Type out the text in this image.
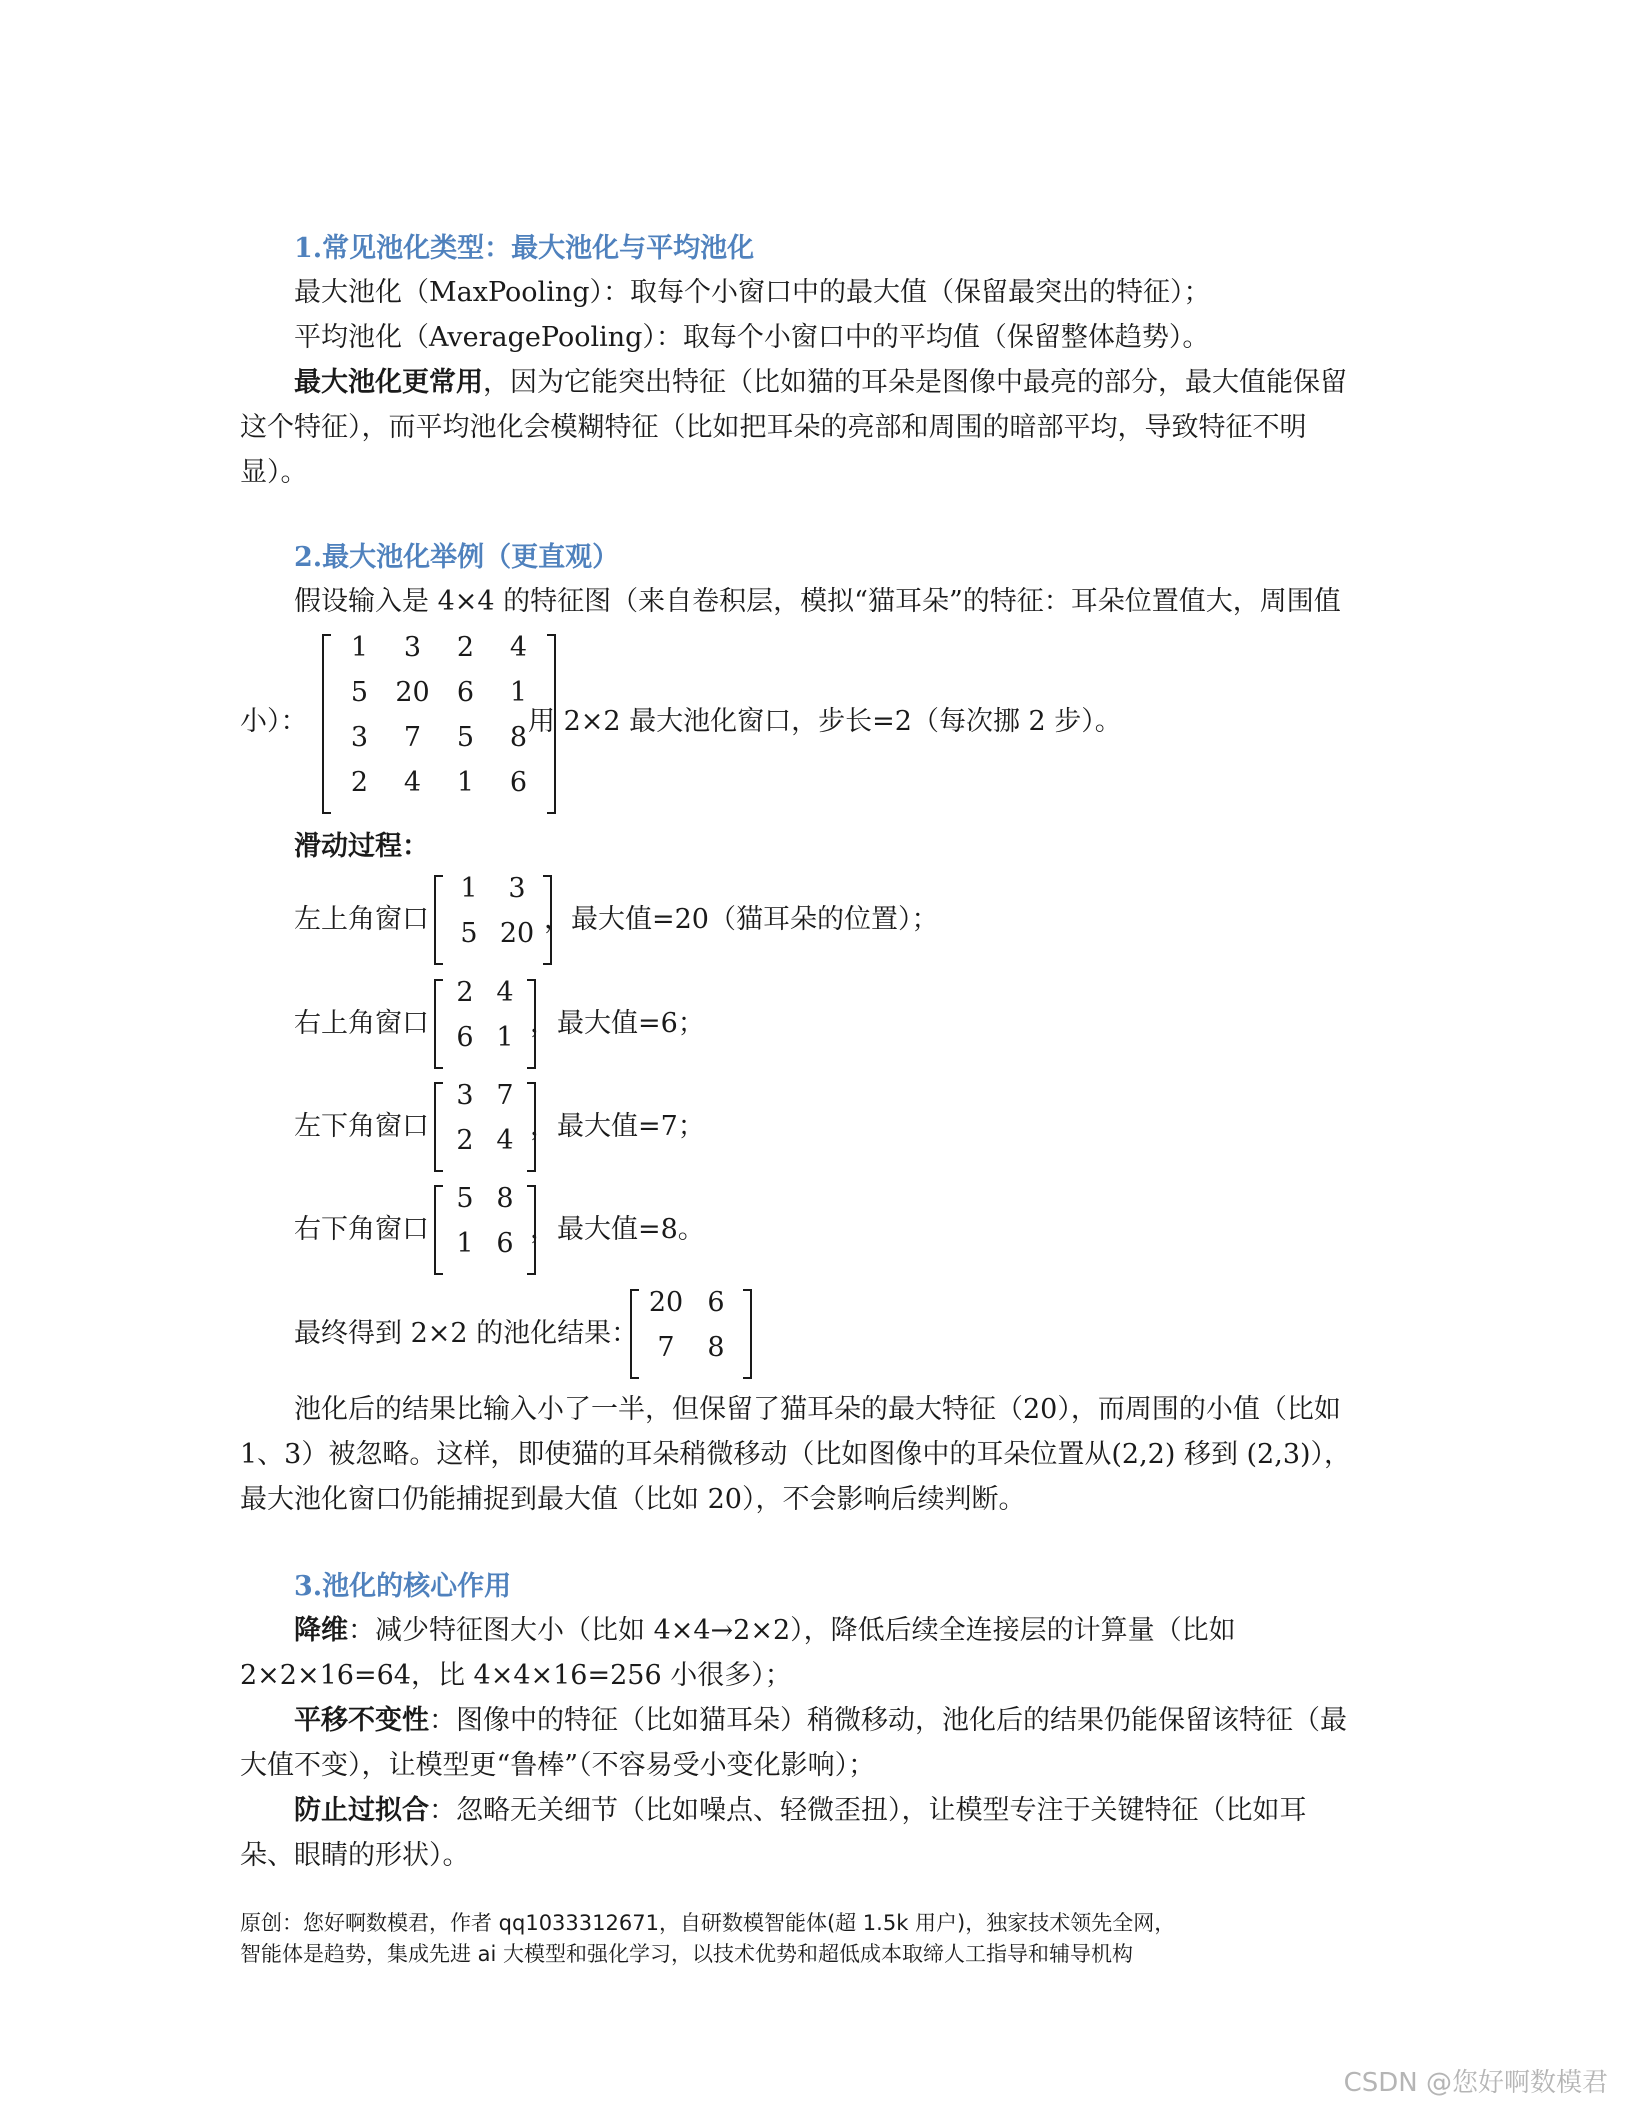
1.常见池化类型：最大池化与平均池化
最大池化（MaxPooling）：取每个小窗口中的最大值（保留最突出的特征）；
平均池化（AveragePooling）：取每个小窗口中的平均值（保留整体趋势）。
最大池化更常用，因为它能突出特征（比如猫的耳朵是图像中最亮的部分，最大值能保留
这个特征），而平均池化会模糊特征（比如把耳朵的亮部和周围的暗部平均，导致特征不明
显）。
2.最大池化举例（更直观）
假设输入是 4×4 的特征图（来自卷积层，模拟“猫耳朵”的特征：耳朵位置值大，周围值
小）：
1 3 2 4
5 20 6 1
3 7 5 8
2 4 1 6
用 2×2 最大池化窗口，步长=2（每次挪 2 步）。
滑动过程：
左上角窗口
1 3
5 20 ，最大值=20（猫耳朵的位置）；
右上角窗口
2 4
6 1 ，最大值=6；
左下角窗口
3 7
2 4 ，最大值=7；
右下角窗口
5 8
1 6 ，最大值=8。
最终得到 2×2 的池化结果：
20 6
7 8
池化后的结果比输入小了一半，但保留了猫耳朵的最大特征（20），而周围的小值（比如
1、3）被忽略。这样，即使猫的耳朵稍微移动（比如图像中的耳朵位置从(2,2) 移到 (2,3)），
最大池化窗口仍能捕捉到最大值（比如 20），不会影响后续判断。
3.池化的核心作用
降维：减少特征图大小（比如 4×4→2×2），降低后续全连接层的计算量（比如
2×2×16=64，比 4×4×16=256 小很多）；
平移不变性：图像中的特征（比如猫耳朵）稍微移动，池化后的结果仍能保留该特征（最
大值不变），让模型更“鲁棒”（不容易受小变化影响）；
防止过拟合：忽略无关细节（比如噪点、轻微歪扭），让模型专注于关键特征（比如耳
朵、眼睛的形状）。
原创：您好啊数模君，作者 qq1033312671，自研数模智能体(超 1.5k 用户)，独家技术领先全网，
智能体是趋势，集成先进 ai 大模型和强化学习，以技术优势和超低成本取缔人工指导和辅导机构
CSDN @您好啊数模君
